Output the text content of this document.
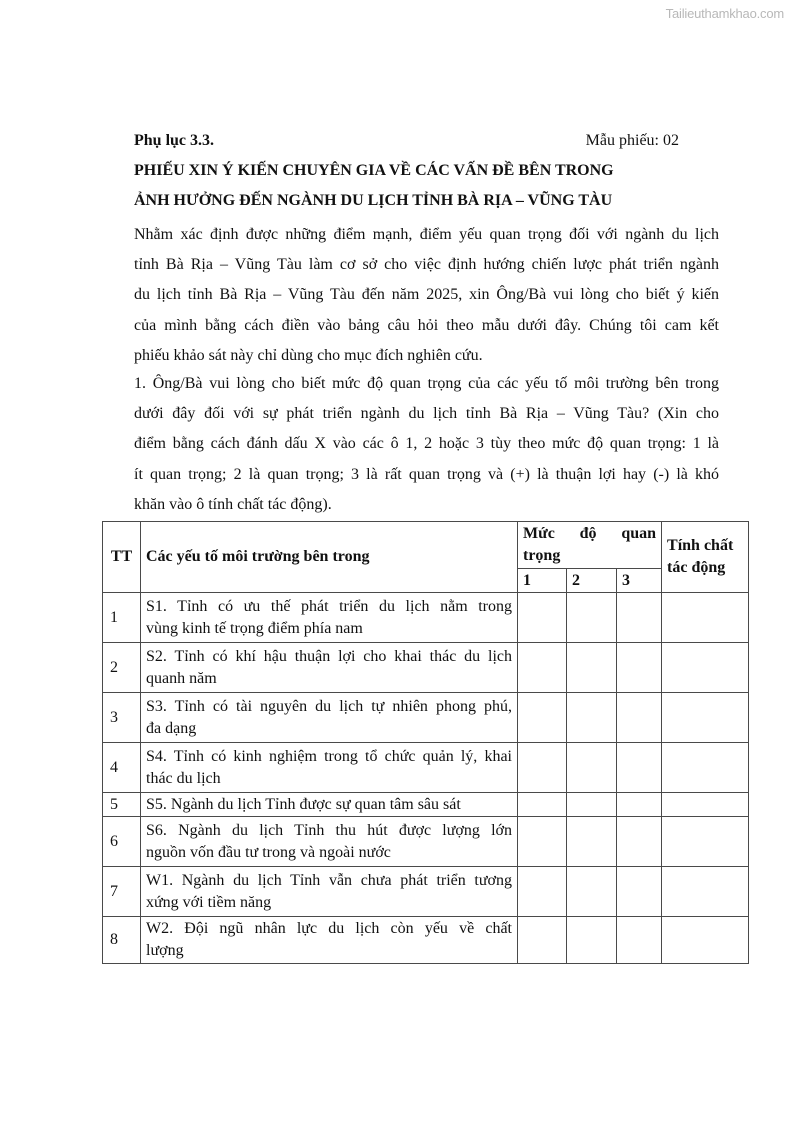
Tailieuthamkhao.com
Phụ lục 3.3.	Mẫu phiếu: 02
PHIẾU XIN Ý KIẾN CHUYÊN GIA VỀ CÁC VẤN ĐỀ BÊN TRONG
ẢNH HƯỞNG ĐẾN NGÀNH DU LỊCH TỈNH BÀ RỊA – VŨNG TÀU
Nhằm xác định được những điểm mạnh, điểm yếu quan trọng đối với ngành du lịch
tỉnh Bà Rịa – Vũng Tàu làm cơ sở cho việc định hướng chiến lược phát triển ngành
du lịch tỉnh Bà Rịa – Vũng Tàu đến năm 2025, xin Ông/Bà vui lòng cho biết ý kiến
của mình bằng cách điền vào bảng câu hỏi theo mẫu dưới đây. Chúng tôi cam kết
phiếu khảo sát này chỉ dùng cho mục đích nghiên cứu.
1. Ông/Bà vui lòng cho biết mức độ quan trọng của các yếu tố môi trường bên trong
dưới đây đối với sự phát triển ngành du lịch tỉnh Bà Rịa – Vũng Tàu? (Xin cho
điểm bằng cách đánh dấu X vào các ô 1, 2 hoặc 3 tùy theo mức độ quan trọng: 1 là
ít quan trọng; 2 là quan trọng; 3 là rất quan trọng và (+) là thuận lợi hay (-) là khó
khăn vào ô tính chất tác động).
TT	Các yếu tố môi trường bên trong	Mức độ quan
trọng			Tính chất
tác động

		1	2	3	
1	S1. Tỉnh có ưu thế phát triển du lịch nằm trong
vùng kinh tế trọng điểm phía nam				

2	S2. Tỉnh có khí hậu thuận lợi cho khai thác du lịch
quanh năm				

3	S3. Tỉnh có tài nguyên du lịch tự nhiên phong phú,
đa dạng				

4	S4. Tỉnh có kinh nghiệm trong tổ chức quản lý, khai
thác du lịch				

5	S5. Ngành du lịch Tỉnh được sự quan tâm sâu sát				

6	S6. Ngành du lịch Tỉnh thu hút được lượng lớn
nguồn vốn đầu tư trong và ngoài nước				

7	W1. Ngành du lịch Tỉnh vẫn chưa phát triển tương
xứng với tiềm năng				

8	W2. Đội ngũ nhân lực du lịch còn yếu về chất
lượng				
